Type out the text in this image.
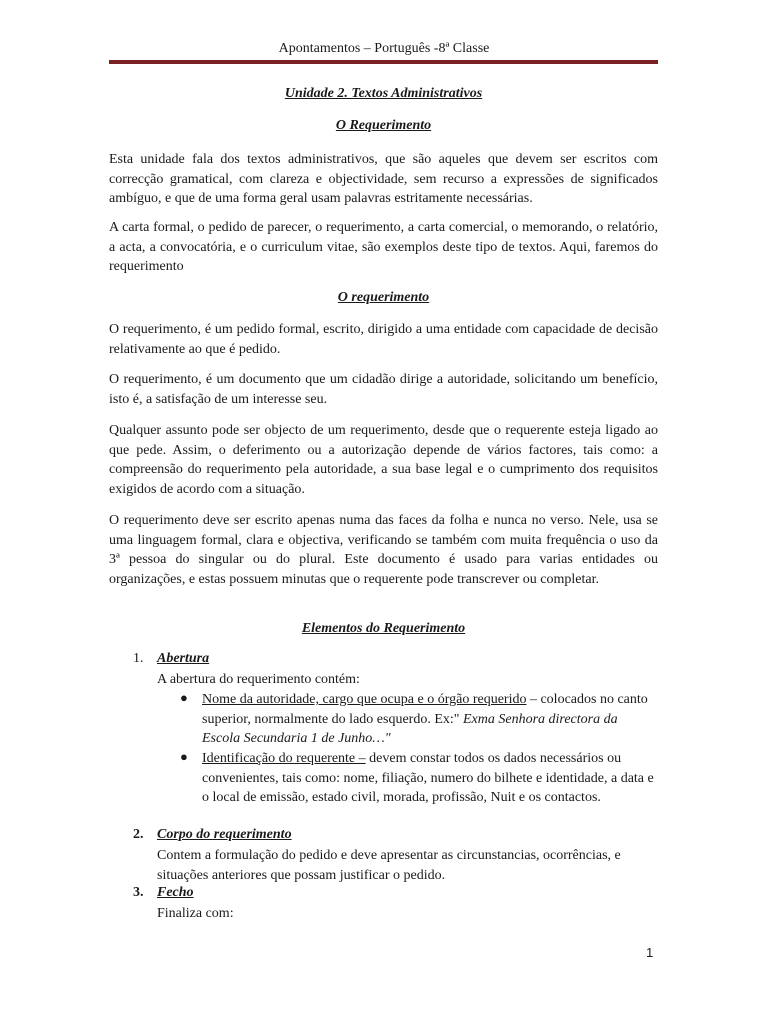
Apontamentos – Português -8ª Classe
Unidade 2. Textos Administrativos
O Requerimento

Esta unidade fala dos textos administrativos, que são aqueles que devem ser escritos com correcção gramatical, com clareza e objectividade, sem recurso a expressões de significados ambíguo, e que de uma forma geral usam palavras estritamente necessárias.

A carta formal, o pedido de parecer, o requerimento, a carta comercial, o memorando, o relatório, a acta, a convocatória, e o curriculum vitae, são exemplos deste tipo de textos. Aqui, faremos do requerimento

O requerimento

O requerimento, é um pedido formal, escrito, dirigido a uma entidade com capacidade de decisão relativamente ao que é pedido.

O requerimento, é um documento que um cidadão dirige a autoridade, solicitando um benefício, isto é, a satisfação de um interesse seu.

Qualquer assunto pode ser objecto de um requerimento, desde que o requerente esteja ligado ao que pede. Assim, o deferimento ou a autorização depende de vários factores, tais como: a compreensão do requerimento pela autoridade, a sua base legal e o cumprimento dos requisitos exigidos de acordo com a situação.

O requerimento deve ser escrito apenas numa das faces da folha e nunca no verso. Nele, usa se uma linguagem formal, clara e objectiva, verificando se também com muita frequência o uso da 3ª pessoa do singular ou do plural. Este documento é usado para varias entidades ou organizações, e estas possuem minutas que o requerente pode transcrever ou completar.

Elementos do Requerimento
1. Abertura

A abertura do requerimento contém:

● Nome da autoridade, cargo que ocupa e o órgão requerido – colocados no canto superior, normalmente do lado esquerdo. Ex:" Exma Senhora directora da Escola Secundaria 1 de Junho…"

● Identificação do requerente – devem constar todos os dados necessários ou convenientes, tais como: nome, filiação, numero do bilhete e identidade, a data e o local de emissão, estado civil, morada, profissão, Nuit e os contactos.

2. Corpo do requerimento

Contem a formulação do pedido e deve apresentar as circunstancias, ocorrências, e situações anteriores que possam justificar o pedido.

3. Fecho

Finaliza com:

1
